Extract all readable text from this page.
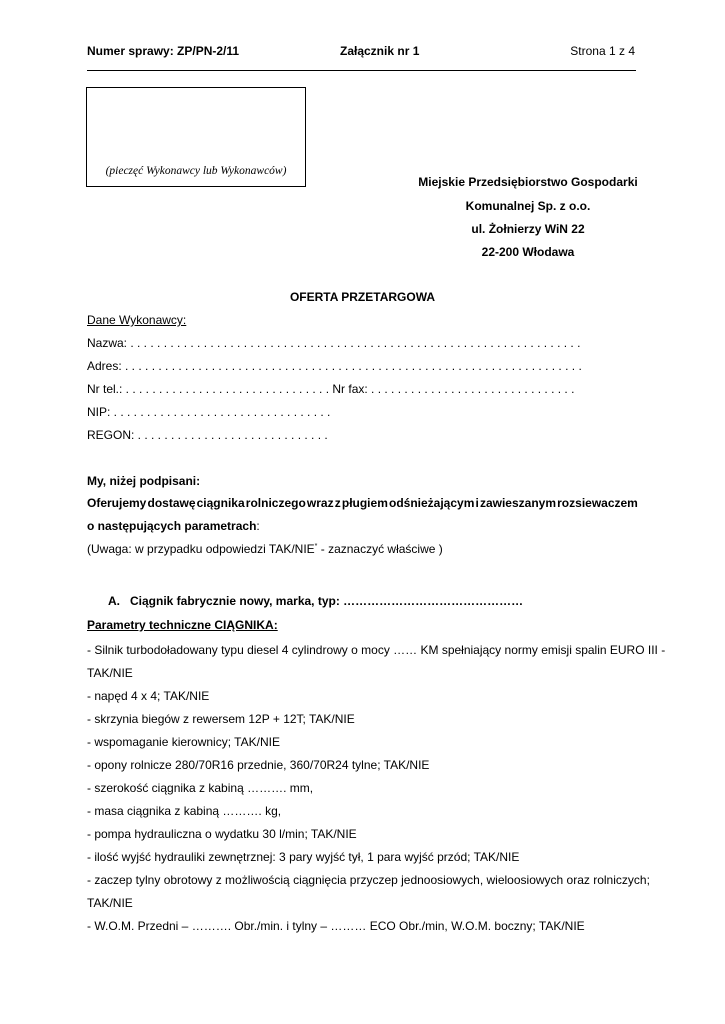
Numer sprawy: ZP/PN-2/11	Załącznik nr 1	Strona 1 z 4
(pieczęć Wykonawcy lub Wykonawców)
Miejskie Przedsiębiorstwo Gospodarki
Komunalnej Sp. z o.o.
ul. Żołnierzy WiN 22
22-200 Włodawa
OFERTA PRZETARGOWA
Dane Wykonawcy:
Nazwa: . . . . . . . . . . . . . . . . . . . . . . . . . . . . . . . . . . . . . . . . . . . . . . . . . . . . . . . . . . . . . . . . . . . .
Adres: . . . . . . . . . . . . . . . . . . . . . . . . . . . . . . . . . . . . . . . . . . . . . . . . . . . . . . . . . . . . . . . . . . . . .
Nr tel.: . . . . . . . . . . . . . . . . . . . . . . . . . . . . . . . Nr fax: . . . . . . . . . . . . . . . . . . . . . . . . . . . . . . .
NIP: . . . . . . . . . . . . . . . . . . . . . . . . . . . . . . . . .
REGON: . . . . . . . . . . . . . . . . . . . . . . . . . . . . .
My, niżej podpisani:
Oferujemy dostawę ciągnika rolniczego wraz z pługiem odśnieżającym i zawieszanym rozsiewaczem
o następujących parametrach:
(Uwaga: w przypadku odpowiedzi TAK/NIE* - zaznaczyć właściwe )
A. Ciągnik fabrycznie nowy, marka, typ: ………………………………………
Parametry techniczne CIĄGNIKA:
- Silnik turbodoładowany typu diesel 4 cylindrowy o mocy …… KM spełniający normy emisji spalin EURO III -
TAK/NIE
- napęd 4 x 4; TAK/NIE
- skrzynia biegów z rewersem 12P + 12T; TAK/NIE
- wspomaganie kierownicy; TAK/NIE
- opony rolnicze 280/70R16 przednie, 360/70R24 tylne; TAK/NIE
- szerokość ciągnika z kabiną ………. mm,
- masa ciągnika z kabiną ………. kg,
- pompa hydrauliczna o wydatku 30 l/min; TAK/NIE
- ilość wyjść hydrauliki zewnętrznej: 3 pary wyjść tył, 1 para wyjść przód; TAK/NIE
- zaczep tylny obrotowy z możliwością ciągnięcia przyczep jednoosiowych, wieloosiowych oraz rolniczych;
TAK/NIE
- W.O.M. Przedni – ………. Obr./min. i tylny – ……… ECO Obr./min, W.O.M. boczny; TAK/NIE
